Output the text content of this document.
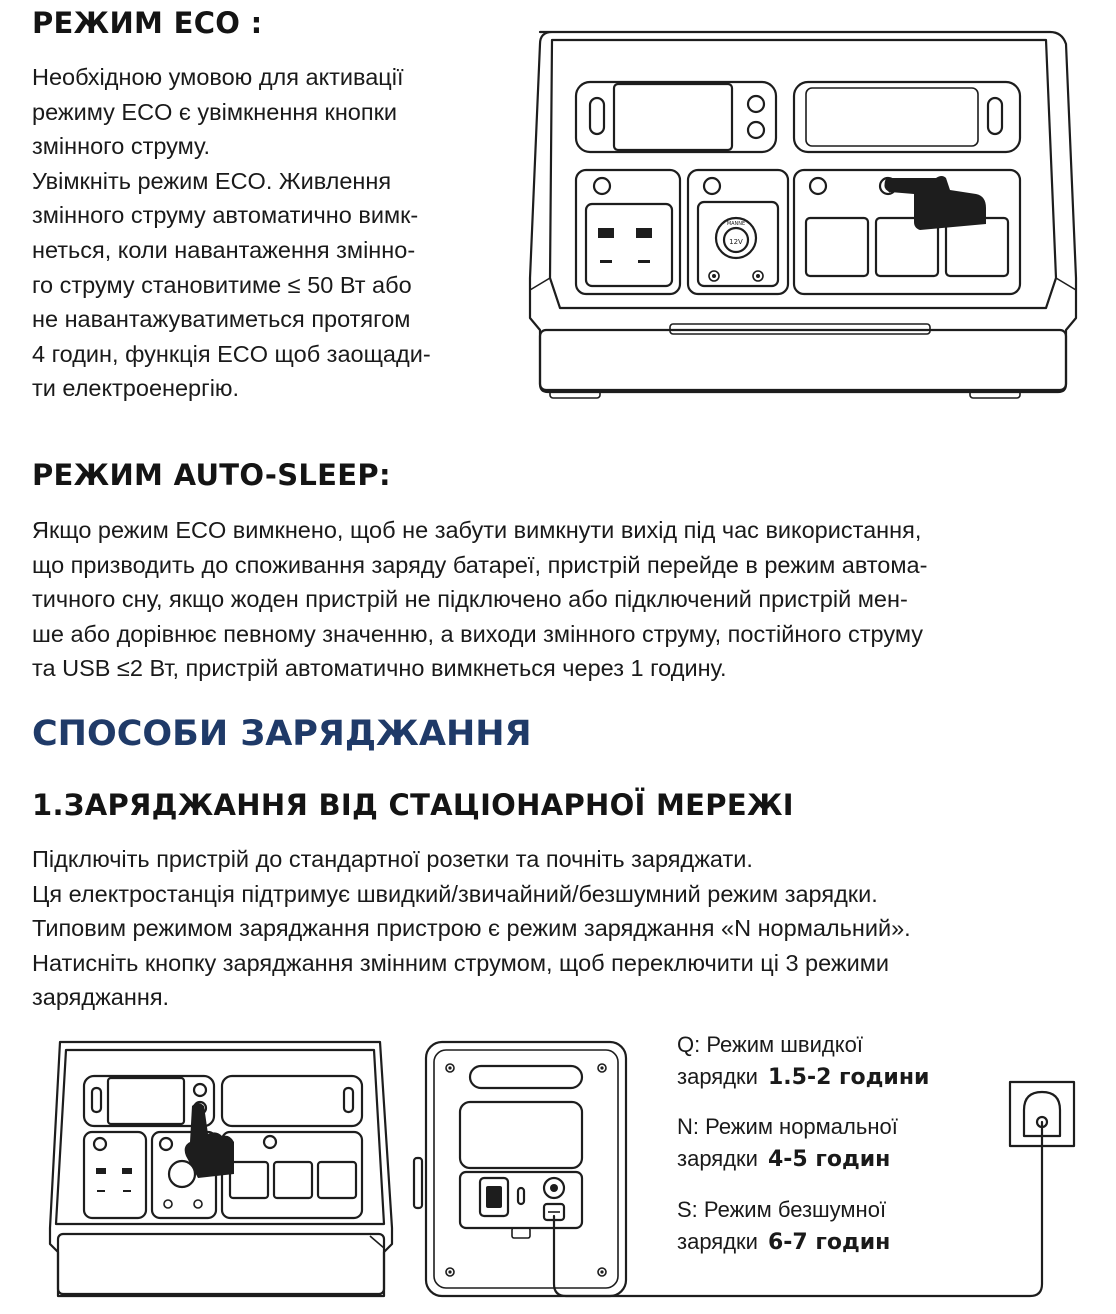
РЕЖИМ ECO :
Необхідною умовою для активації
режиму ECO є увімкнення кнопки
змінного струму.
Увімкніть режим ECO. Живлення
змінного струму автоматично вимк-
неться, коли навантаження змінно-
го струму становитиме ≤ 50 Вт або
не навантажуватиметься протягом
4 годин, функція ECO щоб заощади-
ти електроенергію.
12V
MANNE
РЕЖИМ AUTO-SLEEP:
Якщо режим ECO вимкнено, щоб не забути вимкнути вихід під час використання,
що призводить до споживання заряду батареї, пристрій перейде в режим автома-
тичного сну, якщо жоден пристрій не підключено або підключений пристрій мен-
ше або дорівнює певному значенню, а виходи змінного струму, постійного струму
та USB ≤2 Вт, пристрій автоматично вимкнеться через 1 годину.
СПОСОБИ ЗАРЯДЖАННЯ
1.ЗАРЯДЖАННЯ ВІД СТАЦІОНАРНОЇ МЕРЕЖІ
Підключіть пристрій до стандартної розетки та почніть заряджати.
Ця електростанція підтримує швидкий/звичайний/безшумний режим зарядки.
Типовим режимом заряджання пристрою є режим заряджання «N нормальний».
Натисніть кнопку заряджання змінним струмом, щоб переключити ці 3 режими
заряджання.
Q: Режим швидкої
зарядки 1.5-2 години
N: Режим нормальної
зарядки 4-5 годин
S: Режим безшумної
зарядки 6-7 годин
